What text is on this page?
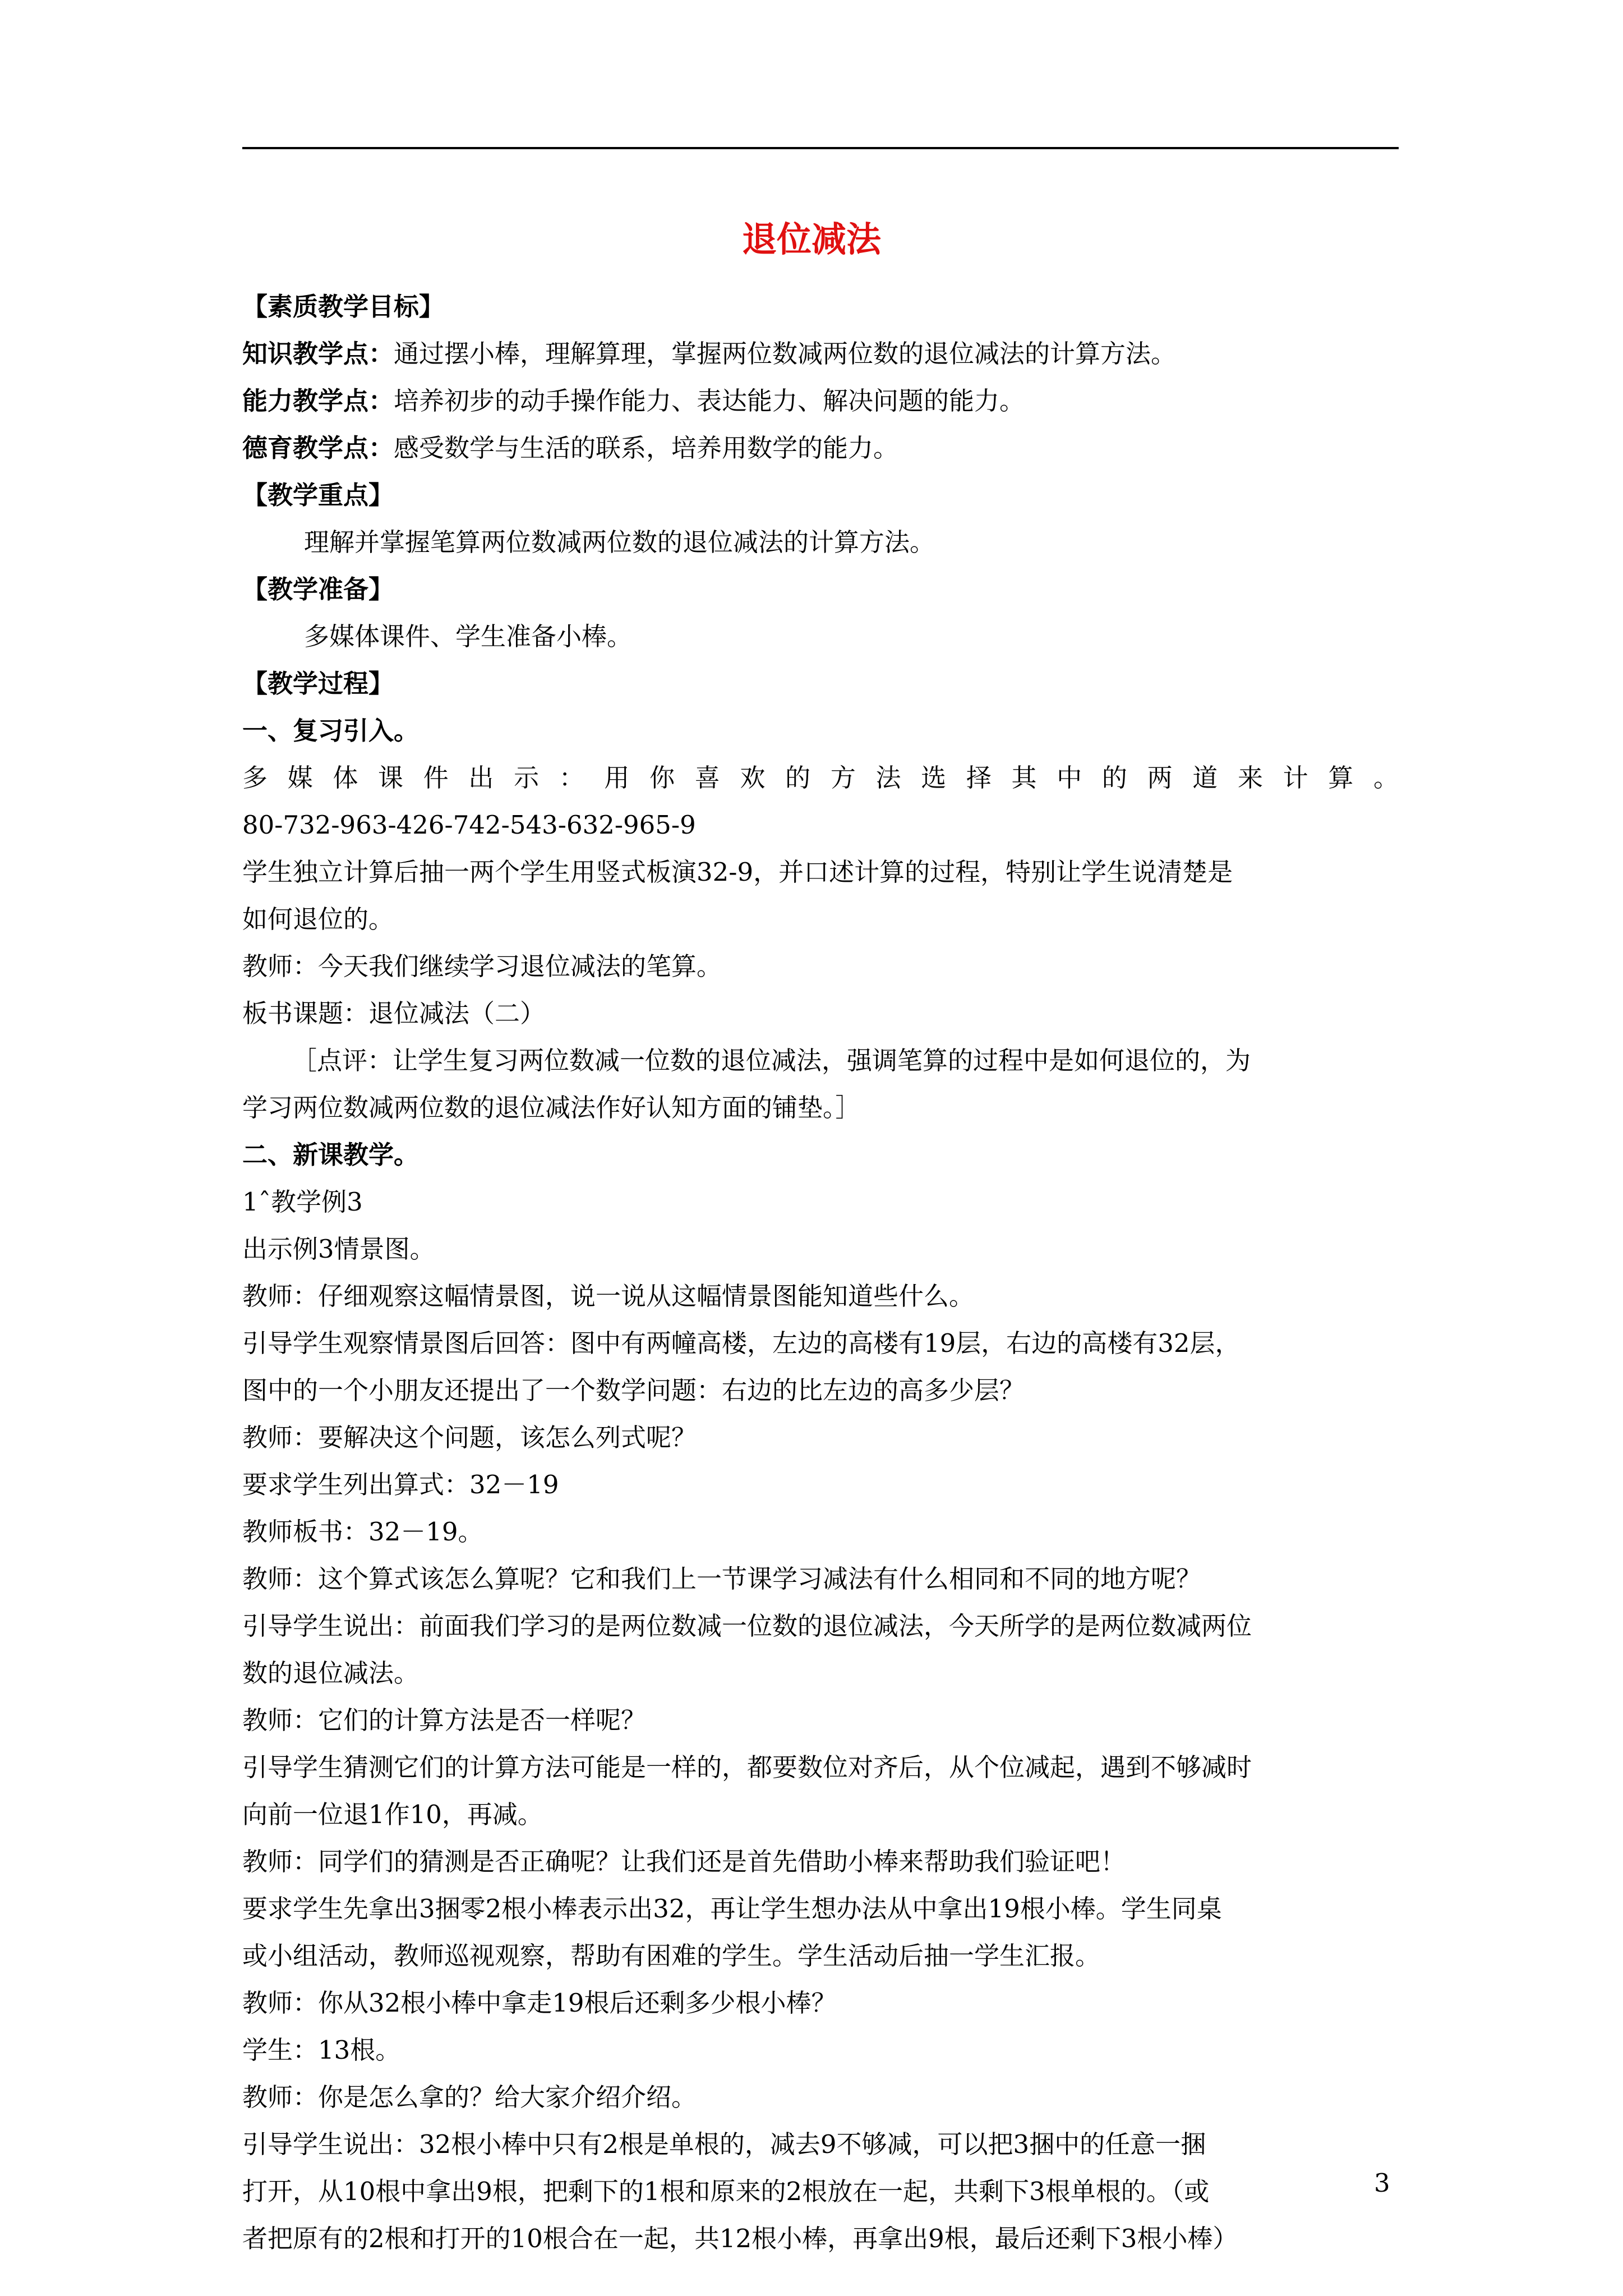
退位减法

【素质教学目标】

知识教学点：通过摆小棒，理解算理，掌握两位数减两位数的退位减法的计算方法。

能力教学点：培养初步的动手操作能力、表达能力、解决问题的能力。

德育教学点：感受数学与生活的联系，培养用数学的能力。

【教学重点】

理解并掌握笔算两位数减两位数的退位减法的计算方法。

【教学准备】

多媒体课件、学生准备小棒。

【教学过程】

一、复习引入。

多媒体课件出示：用你喜欢的方法选择其中的两道来计算。

80-732-963-426-742-543-632-965-9

学生独立计算后抽一两个学生用竖式板演32-9，并口述计算的过程，特别让学生说清楚是

如何退位的。

教师：今天我们继续学习退位减法的笔算。

板书课题：退位减法（二）

［点评：让学生复习两位数减一位数的退位减法，强调笔算的过程中是如何退位的，为

学习两位数减两位数的退位减法作好认知方面的铺垫。］

二、新课教学。

1ˆ教学例3

出示例3情景图。

教师：仔细观察这幅情景图，说一说从这幅情景图能知道些什么。

引导学生观察情景图后回答：图中有两幢高楼，左边的高楼有19层，右边的高楼有32层，

图中的一个小朋友还提出了一个数学问题：右边的比左边的高多少层？

教师：要解决这个问题，该怎么列式呢？

要求学生列出算式：32－19

教师板书：32－19。

教师：这个算式该怎么算呢？它和我们上一节课学习减法有什么相同和不同的地方呢？

引导学生说出：前面我们学习的是两位数减一位数的退位减法，今天所学的是两位数减两位

数的退位减法。

教师：它们的计算方法是否一样呢？

引导学生猜测它们的计算方法可能是一样的，都要数位对齐后，从个位减起，遇到不够减时

向前一位退1作10，再减。

教师：同学们的猜测是否正确呢？让我们还是首先借助小棒来帮助我们验证吧！

要求学生先拿出3捆零2根小棒表示出32，再让学生想办法从中拿出19根小棒。学生同桌

或小组活动，教师巡视观察，帮助有困难的学生。学生活动后抽一学生汇报。

教师：你从32根小棒中拿走19根后还剩多少根小棒？

学生：13根。

教师：你是怎么拿的？给大家介绍介绍。

引导学生说出：32根小棒中只有2根是单根的，减去9不够减，可以把3捆中的任意一捆

打开，从10根中拿出9根，把剩下的1根和原来的2根放在一起，共剩下3根单根的。（或

者把原有的2根和打开的10根合在一起，共12根小棒，再拿出9根，最后还剩下3根小棒）

3
